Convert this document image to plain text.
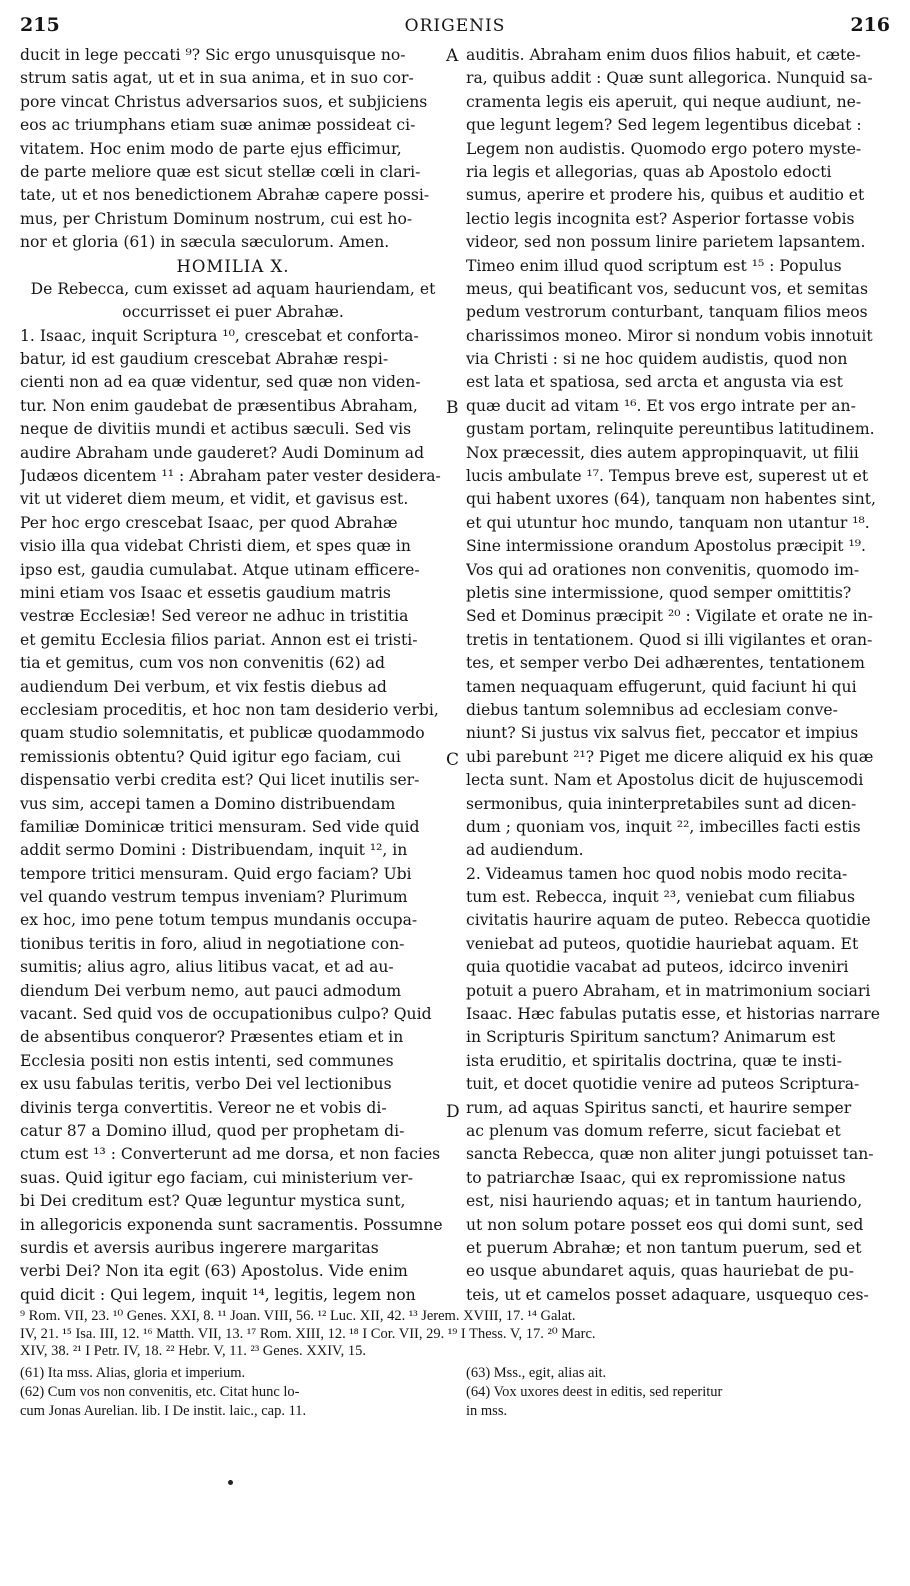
215	ORIGENIS	216
ducit in lege peccati ⁹? Sic ergo unusquisque no-
strum satis agat, ut et in sua anima, et in suo cor-
pore vincat Christus adversarios suos, et subjiciens
eos ac triumphans etiam suæ animæ possideat ci-
vitatem. Hoc enim modo de parte ejus efficimur,
de parte meliore quæ est sicut stellæ cœli in clari-
tate, ut et nos benedictionem Abrahæ capere possi-
mus, per Christum Dominum nostrum, cui est ho-
nor et gloria (61) in sæcula sæculorum. Amen.
HOMILIA X.
De Rebecca, cum exisset ad aquam hauriendam, et
occurrisset ei puer Abrahæ.
1. Isaac, inquit Scriptura ¹⁰, crescebat et conforta-
batur, id est gaudium crescebat Abrahæ respi-
cienti non ad ea quæ videntur, sed quæ non viden-
tur. Non enim gaudebat de præsentibus Abraham,
neque de divitiis mundi et actibus sæculi. Sed vis
audire Abraham unde gauderet? Audi Dominum ad
Judæos dicentem ¹¹ : Abraham pater vester desidera-
vit ut videret diem meum, et vidit, et gavisus est.
Per hoc ergo crescebat Isaac, per quod Abrahæ
visio illa qua videbat Christi diem, et spes quæ in
ipso est, gaudia cumulabat. Atque utinam efficere-
mini etiam vos Isaac et essetis gaudium matris
vestræ Ecclesiæ! Sed vereor ne adhuc in tristitia
et gemitu Ecclesia filios pariat. Annon est ei tristi-
tia et gemitus, cum vos non convenitis (62) ad
audiendum Dei verbum, et vix festis diebus ad
ecclesiam proceditis, et hoc non tam desiderio verbi,
quam studio solemnitatis, et publicæ quodammodo
remissionis obtentu? Quid igitur ego faciam, cui
dispensatio verbi credita est? Qui licet inutilis ser-
vus sim, accepi tamen a Domino distribuendam
familiæ Dominicæ tritici mensuram. Sed vide quid
addit sermo Domini : Distribuendam, inquit ¹², in
tempore tritici mensuram. Quid ergo faciam? Ubi
vel quando vestrum tempus inveniam? Plurimum
ex hoc, imo pene totum tempus mundanis occupa-
tionibus teritis in foro, aliud in negotiatione con-
sumitis; alius agro, alius litibus vacat, et ad au-
diendum Dei verbum nemo, aut pauci admodum
vacant. Sed quid vos de occupationibus culpo? Quid
de absentibus conqueror? Præsentes etiam et in
Ecclesia positi non estis intenti, sed communes
ex usu fabulas teritis, verbo Dei vel lectionibus
divinis terga convertitis. Vereor ne et vobis di-
catur 87 a Domino illud, quod per prophetam di-
ctum est ¹³ : Converterunt ad me dorsa, et non facies
suas. Quid igitur ego faciam, cui ministerium ver-
bi Dei creditum est? Quæ leguntur mystica sunt,
in allegoricis exponenda sunt sacramentis. Possumne
surdis et aversis auribus ingerere margaritas
verbi Dei? Non ita egit (63) Apostolus. Vide enim
quid dicit : Qui legem, inquit ¹⁴, legitis, legem non
auditis. Abraham enim duos filios habuit, et cæte-
ra, quibus addit : Quæ sunt allegorica. Nunquid sa-
cramenta legis eis aperuit, qui neque audiunt, ne-
que legunt legem? Sed legem legentibus dicebat :
Legem non audistis. Quomodo ergo potero myste-
ria legis et allegorias, quas ab Apostolo edocti
sumus, aperire et prodere his, quibus et auditio et
lectio legis incognita est? Asperior fortasse vobis
videor, sed non possum linire parietem lapsantem.
Timeo enim illud quod scriptum est ¹⁵ : Populus
meus, qui beatificant vos, seducunt vos, et semitas
pedum vestrorum conturbant, tanquam filios meos
charissimos moneo. Miror si nondum vobis innotuit
via Christi : si ne hoc quidem audistis, quod non
est lata et spatiosa, sed arcta et angusta via est
quæ ducit ad vitam ¹⁶. Et vos ergo intrate per an-
gustam portam, relinquite pereuntibus latitudinem.
Nox præcessit, dies autem appropinquavit, ut filii
lucis ambulate ¹⁷. Tempus breve est, superest ut et
qui habent uxores (64), tanquam non habentes sint,
et qui utuntur hoc mundo, tanquam non utantur ¹⁸.
Sine intermissione orandum Apostolus præcipit ¹⁹.
Vos qui ad orationes non convenitis, quomodo im-
pletis sine intermissione, quod semper omittitis?
Sed et Dominus præcipit ²⁰ : Vigilate et orate ne in-
tretis in tentationem. Quod si illi vigilantes et oran-
tes, et semper verbo Dei adhærentes, tentationem
tamen nequaquam effugerunt, quid faciunt hi qui
diebus tantum solemnibus ad ecclesiam conve-
niunt? Si justus vix salvus fiet, peccator et impius
ubi parebunt ²¹? Piget me dicere aliquid ex his quæ
lecta sunt. Nam et Apostolus dicit de hujuscemodi
sermonibus, quia ininterpretabiles sunt ad dicen-
dum ; quoniam vos, inquit ²², imbecilles facti estis
ad audiendum.
2. Videamus tamen hoc quod nobis modo recita-
tum est. Rebecca, inquit ²³, veniebat cum filiabus
civitatis haurire aquam de puteo. Rebecca quotidie
veniebat ad puteos, quotidie hauriebat aquam. Et
quia quotidie vacabat ad puteos, idcirco inveniri
potuit a puero Abraham, et in matrimonium sociari
Isaac. Hæc fabulas putatis esse, et historias narrare
in Scripturis Spiritum sanctum? Animarum est
ista eruditio, et spiritalis doctrina, quæ te insti-
tuit, et docet quotidie venire ad puteos Scriptura-
rum, ad aquas Spiritus sancti, et haurire semper
ac plenum vas domum referre, sicut faciebat et
sancta Rebecca, quæ non aliter jungi potuisset tan-
to patriarchæ Isaac, qui ex repromissione natus
est, nisi hauriendo aquas; et in tantum hauriendo,
ut non solum potare posset eos qui domi sunt, sed
et puerum Abrahæ; et non tantum puerum, sed et
eo usque abundaret aquis, quas hauriebat de pu-
teis, ut et camelos posset adaquare, usquequo ces-
A
B
C
D
⁹ Rom. VII, 23. ¹⁰ Genes. XXI, 8. ¹¹ Joan. VIII, 56. ¹² Luc. XII, 42. ¹³ Jerem. XVIII, 17. ¹⁴ Galat.
IV, 21. ¹⁵ Isa. III, 12. ¹⁶ Matth. VII, 13. ¹⁷ Rom. XIII, 12. ¹⁸ I Cor. VII, 29. ¹⁹ I Thess. V, 17. ²⁰ Marc.
XIV, 38. ²¹ I Petr. IV, 18. ²² Hebr. V, 11. ²³ Genes. XXIV, 15.
(61) Ita mss. Alias, gloria et imperium.
(62) Cum vos non convenitis, etc. Citat hunc lo-
cum Jonas Aurelian. lib. I De instit. laic., cap. 11.
(63) Mss., egit, alias ait.
(64) Vox uxores deest in editis, sed reperitur
in mss.
